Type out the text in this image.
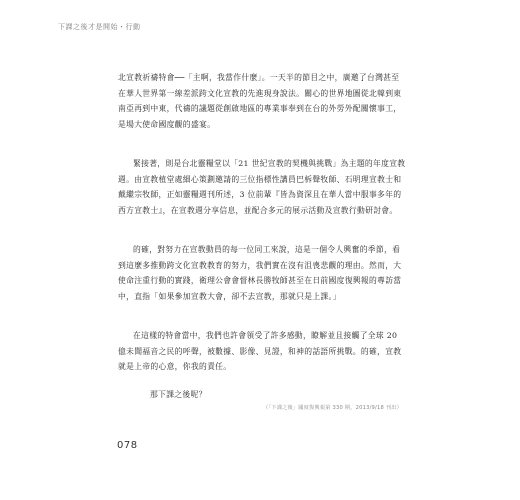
下課之後才是開始・行動

北宣教祈禱特會──「主啊，我當作什麼」。一天半的節目之中，廣邀了台灣甚至在華人世界第一線差派跨文化宣教的先進現身說法。關心的世界地圖從北韓到東南亞再到中東，代禱的議題從創啟地區的專業事奉到在台的外勞外配關懷事工，是場大使命國度觀的盛宴。

緊接著，則是台北靈糧堂以「21 世紀宣教的契機與挑戰」為主題的年度宣教週。由宣教植堂處細心策劃邀請的三位指標性講員巴柝聲牧師、石明理宣教士和戴繼宗牧師，正如靈糧週刊所述，3 位前輩『皆為資深且在華人當中服事多年的西方宣教士』，在宣教週分享信息，並配合多元的展示活動及宣教行動研討會。

的確，對努力在宣教動員的每一位同工來說，這是一個令人興奮的季節，看到這麼多推動跨文化宣教教育的努力，我們實在沒有沮喪悲觀的理由。然而，大使命注重行動的實踐，衛理公會會督林長勝牧師甚至在日前國度復興報的專訪當中，直指「如果參加宣教大會，卻不去宣教，那就只是上課。」

在這樣的特會當中，我們也許會領受了許多感動，瞭解並且接觸了全球 20 億未聞福音之民的呼聲，被數據、影像、見證，和神的話語所挑戰。的確，宣教就是上帝的心意，你我的責任。

那下課之後呢？
（「下課之後」國度復興報第 330 期，2013/9/18 刊出）
078
